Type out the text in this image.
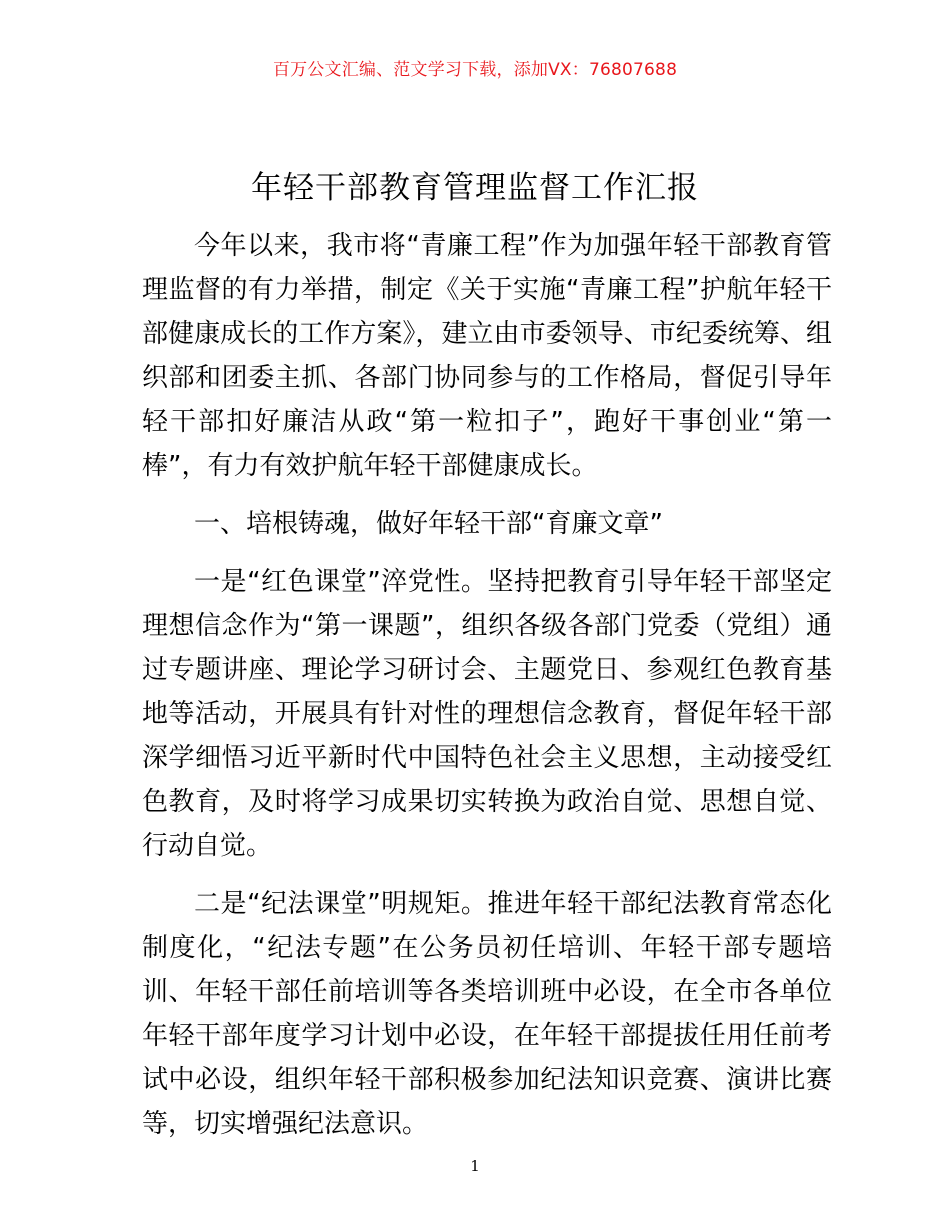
百万公文汇编、范文学习下载，添加VX：76807688
年轻干部教育管理监督工作汇报

今年以来，我市将“青廉工程”作为加强年轻干部教育管理监督的有力举措，制定《关于实施“青廉工程”护航年轻干部健康成长的工作方案》，建立由市委领导、市纪委统筹、组织部和团委主抓、各部门协同参与的工作格局，督促引导年轻干部扣好廉洁从政“第一粒扣子”，跑好干事创业“第一棒”，有力有效护航年轻干部健康成长。

一、培根铸魂，做好年轻干部“育廉文章”

一是“红色课堂”淬党性。坚持把教育引导年轻干部坚定理想信念作为“第一课题”，组织各级各部门党委（党组）通过专题讲座、理论学习研讨会、主题党日、参观红色教育基地等活动，开展具有针对性的理想信念教育，督促年轻干部深学细悟习近平新时代中国特色社会主义思想，主动接受红色教育，及时将学习成果切实转换为政治自觉、思想自觉、行动自觉。

二是“纪法课堂”明规矩。推进年轻干部纪法教育常态化制度化，“纪法专题”在公务员初任培训、年轻干部专题培训、年轻干部任前培训等各类培训班中必设，在全市各单位年轻干部年度学习计划中必设，在年轻干部提拔任用任前考试中必设，组织年轻干部积极参加纪法知识竞赛、演讲比赛等，切实增强纪法意识。

1
